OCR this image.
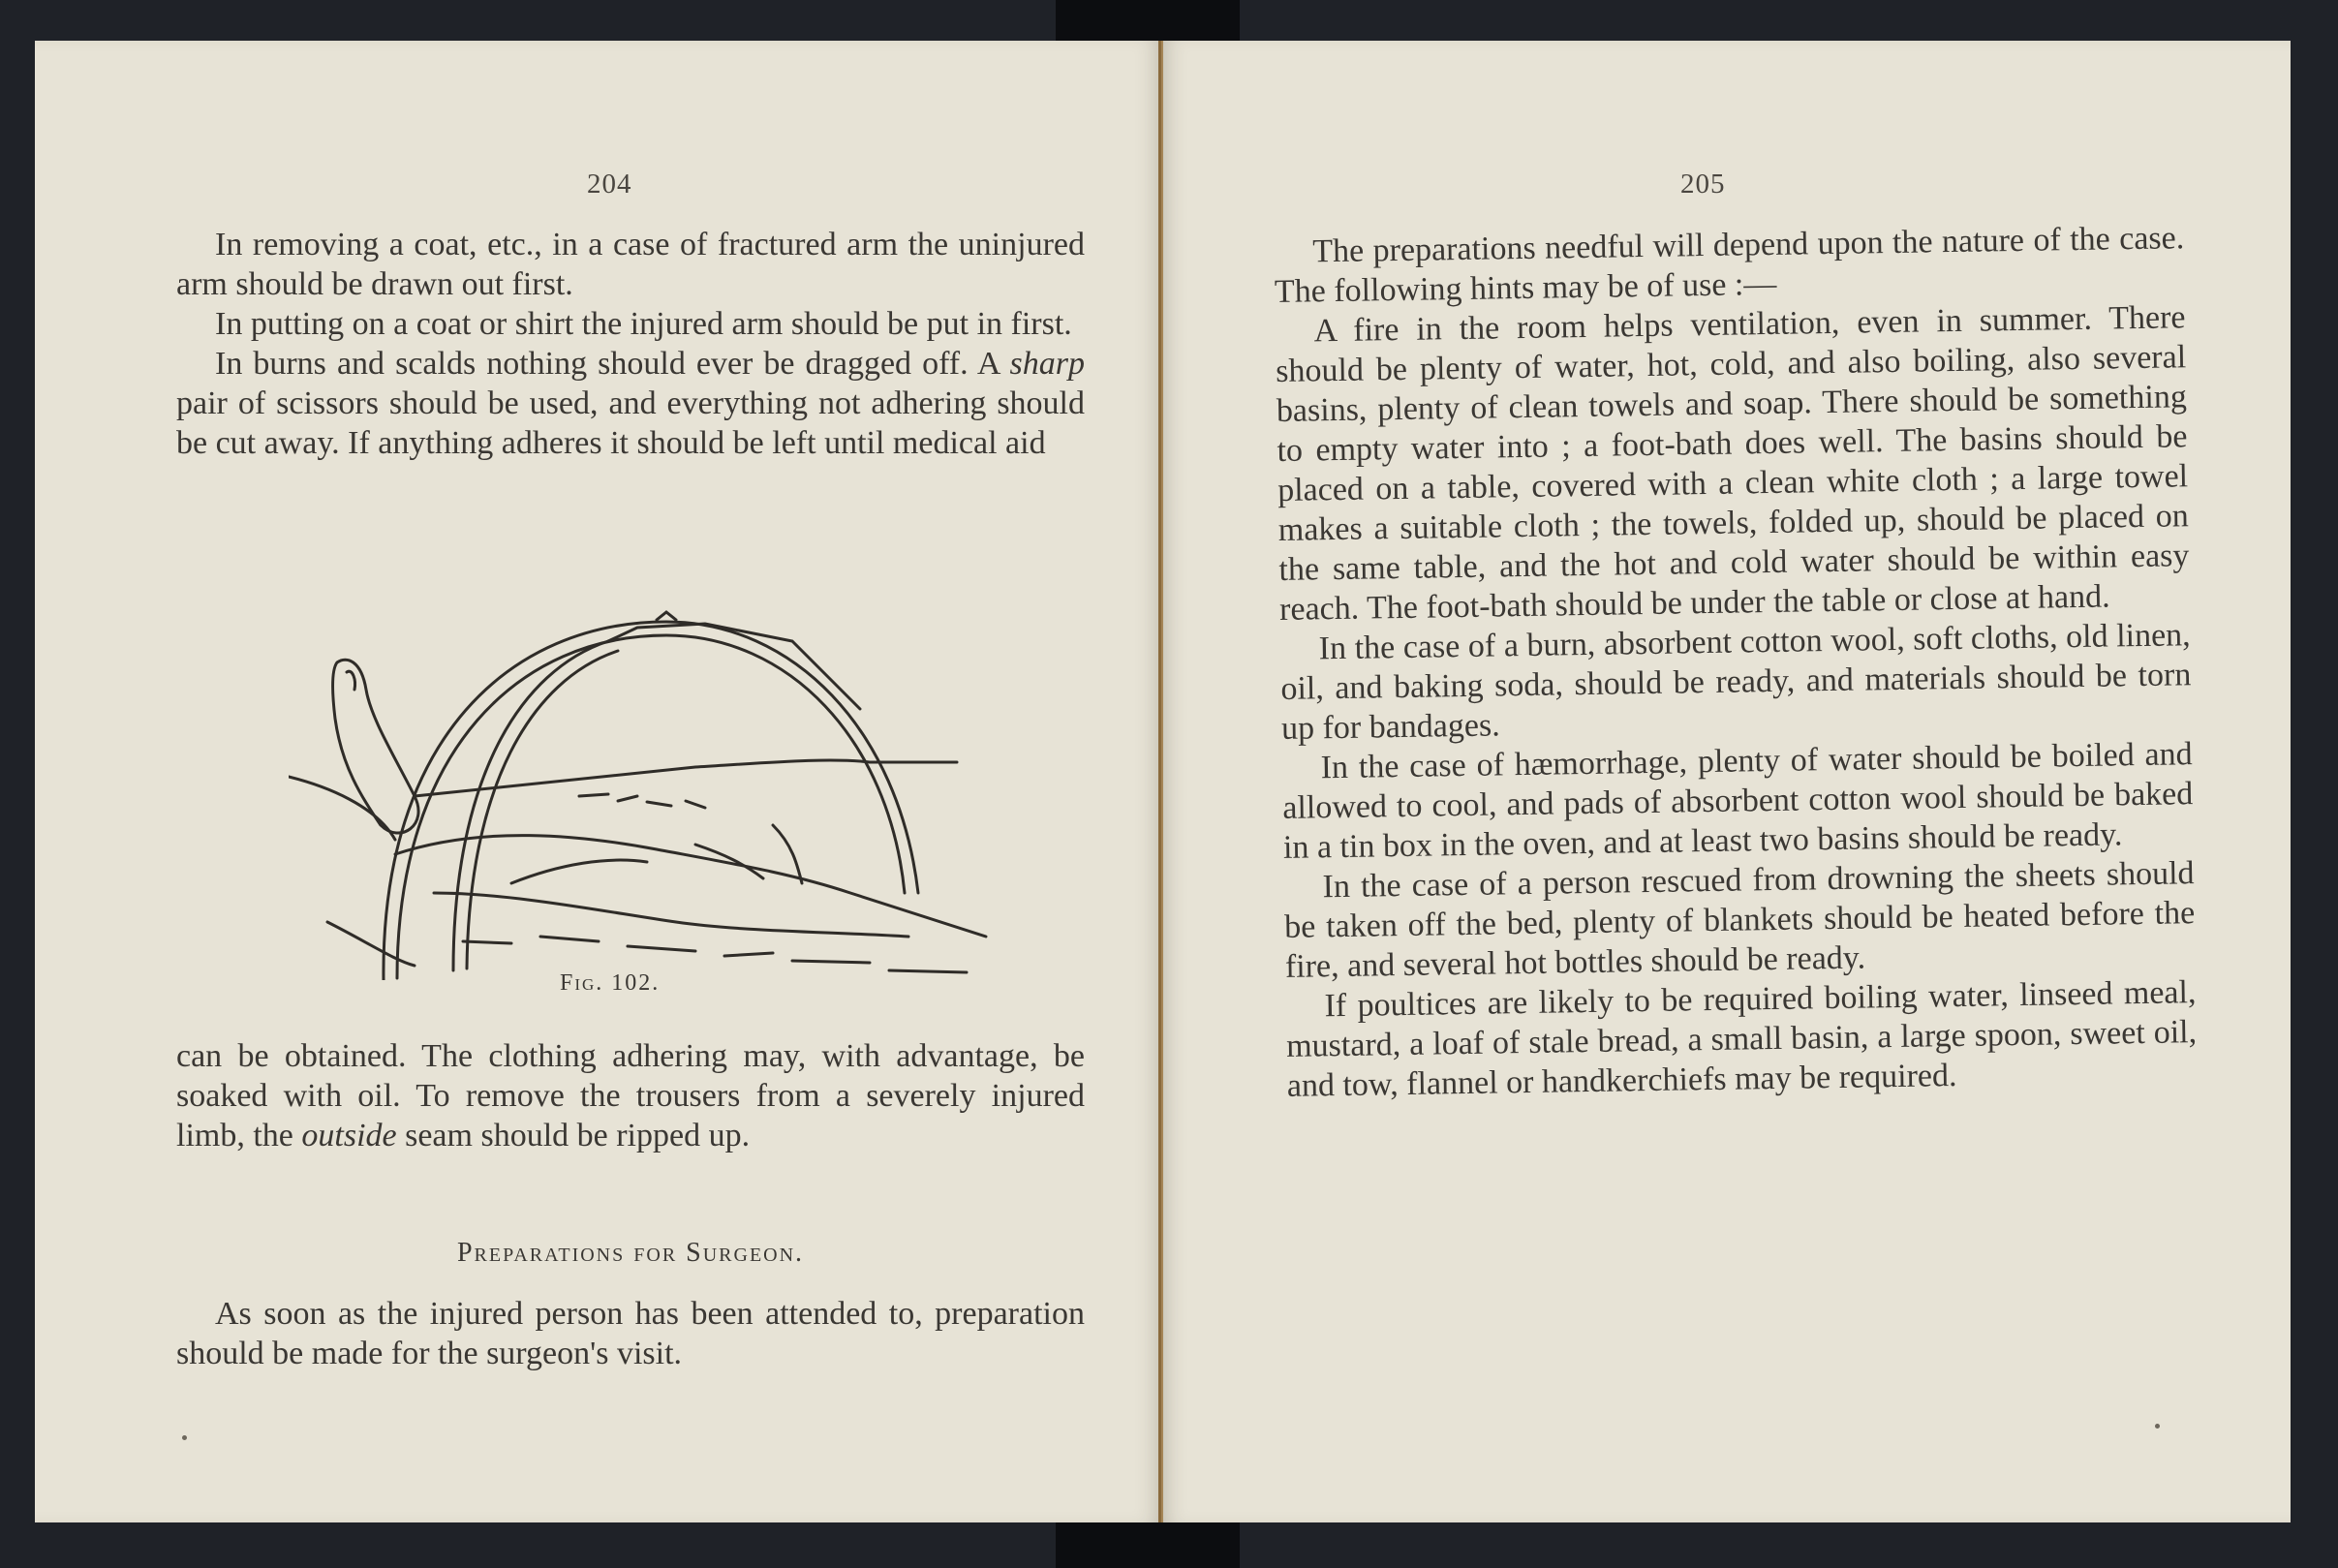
204

In removing a coat, etc., in a case of fractured arm the uninjured arm should be drawn out first.

In putting on a coat or shirt the injured arm should be put in first.

In burns and scalds nothing should ever be dragged off. A sharp pair of scissors should be used, and everything not adhering should be cut away. If anything adheres it should be left until medical aid

Fig. 102.

can be obtained. The clothing adhering may, with advantage, be soaked with oil. To remove the trousers from a severely injured limb, the outside seam should be ripped up.

Preparations for Surgeon.

As soon as the injured person has been attended to, preparation should be made for the surgeon's visit.

205

The preparations needful will depend upon the nature of the case. The following hints may be of use :—

A fire in the room helps ventilation, even in summer. There should be plenty of water, hot, cold, and also boiling, also several basins, plenty of clean towels and soap. There should be something to empty water into ; a foot-bath does well. The basins should be placed on a table, covered with a clean white cloth ; a large towel makes a suitable cloth ; the towels, folded up, should be placed on the same table, and the hot and cold water should be within easy reach. The foot-bath should be under the table or close at hand.

In the case of a burn, absorbent cotton wool, soft cloths, old linen, oil, and baking soda, should be ready, and materials should be torn up for bandages.

In the case of hæmorrhage, plenty of water should be boiled and allowed to cool, and pads of absorbent cotton wool should be baked in a tin box in the oven, and at least two basins should be ready.

In the case of a person rescued from drowning the sheets should be taken off the bed, plenty of blankets should be heated before the fire, and several hot bottles should be ready.

If poultices are likely to be required boiling water, linseed meal, mustard, a loaf of stale bread, a small basin, a large spoon, sweet oil, and tow, flannel or handkerchiefs may be required.
